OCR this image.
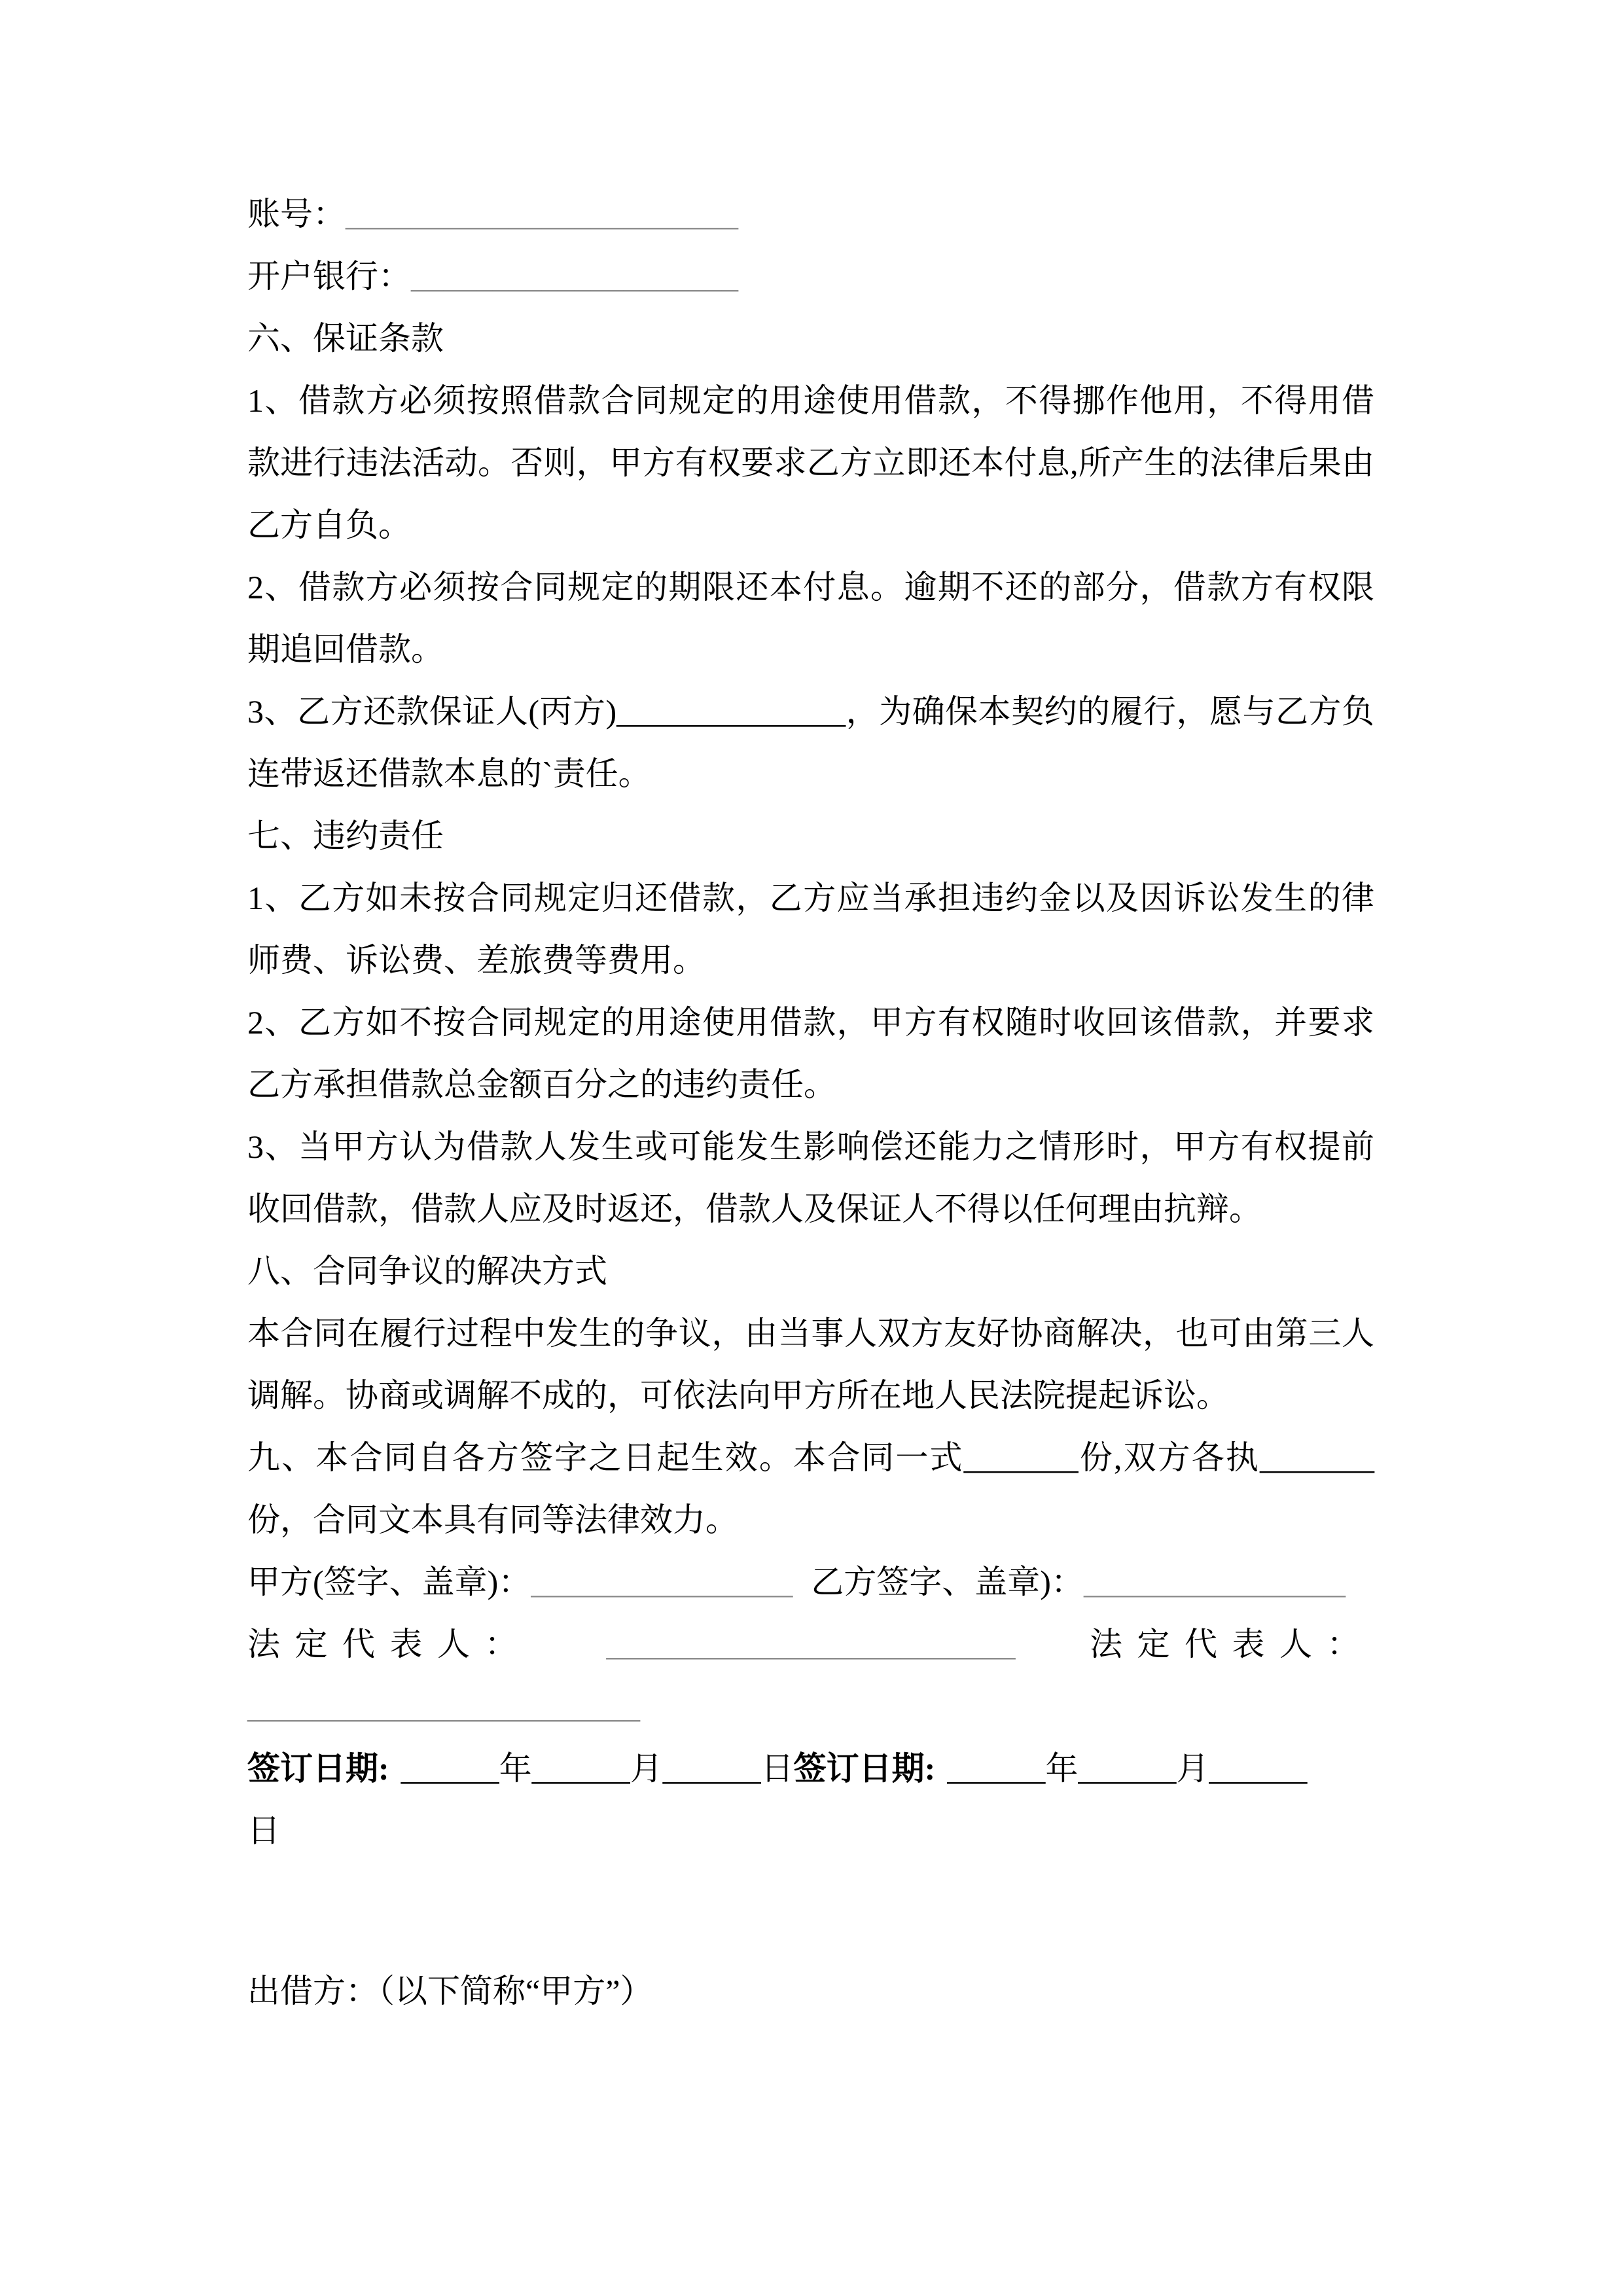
账号：________________________

开户银行：____________________

六、保证条款

1、借款方必须按照借款合同规定的用途使用借款，不得挪作他用，不得用借款进行违法活动。否则，甲方有权要求乙方立即还本付息,所产生的法律后果由乙方自负。

2、借款方必须按合同规定的期限还本付息。逾期不还的部分，借款方有权限期追回借款。

3、乙方还款保证人(丙方)______________，为确保本契约的履行，愿与乙方负连带返还借款本息的`责任。

七、违约责任

1、乙方如未按合同规定归还借款，乙方应当承担违约金以及因诉讼发生的律师费、诉讼费、差旅费等费用。

2、乙方如不按合同规定的用途使用借款，甲方有权随时收回该借款，并要求乙方承担借款总金额百分之的违约责任。

3、当甲方认为借款人发生或可能发生影响偿还能力之情形时，甲方有权提前收回借款，借款人应及时返还，借款人及保证人不得以任何理由抗辩。

八、合同争议的解决方式

本合同在履行过程中发生的争议，由当事人双方友好协商解决，也可由第三人调解。协商或调解不成的，可依法向甲方所在地人民法院提起诉讼。

九、本合同自各方签字之日起生效。本合同一式_______份,双方各执_______份，合同文本具有同等法律效力。

甲方(签字、盖章)：________________ 乙方签字、盖章)：________________

法定代表人： _________________________ 法定代表人：

________________________

签订日期: ______年______月______日签订日期: ______年______月______

日

出借方：（以下简称“甲方”）
